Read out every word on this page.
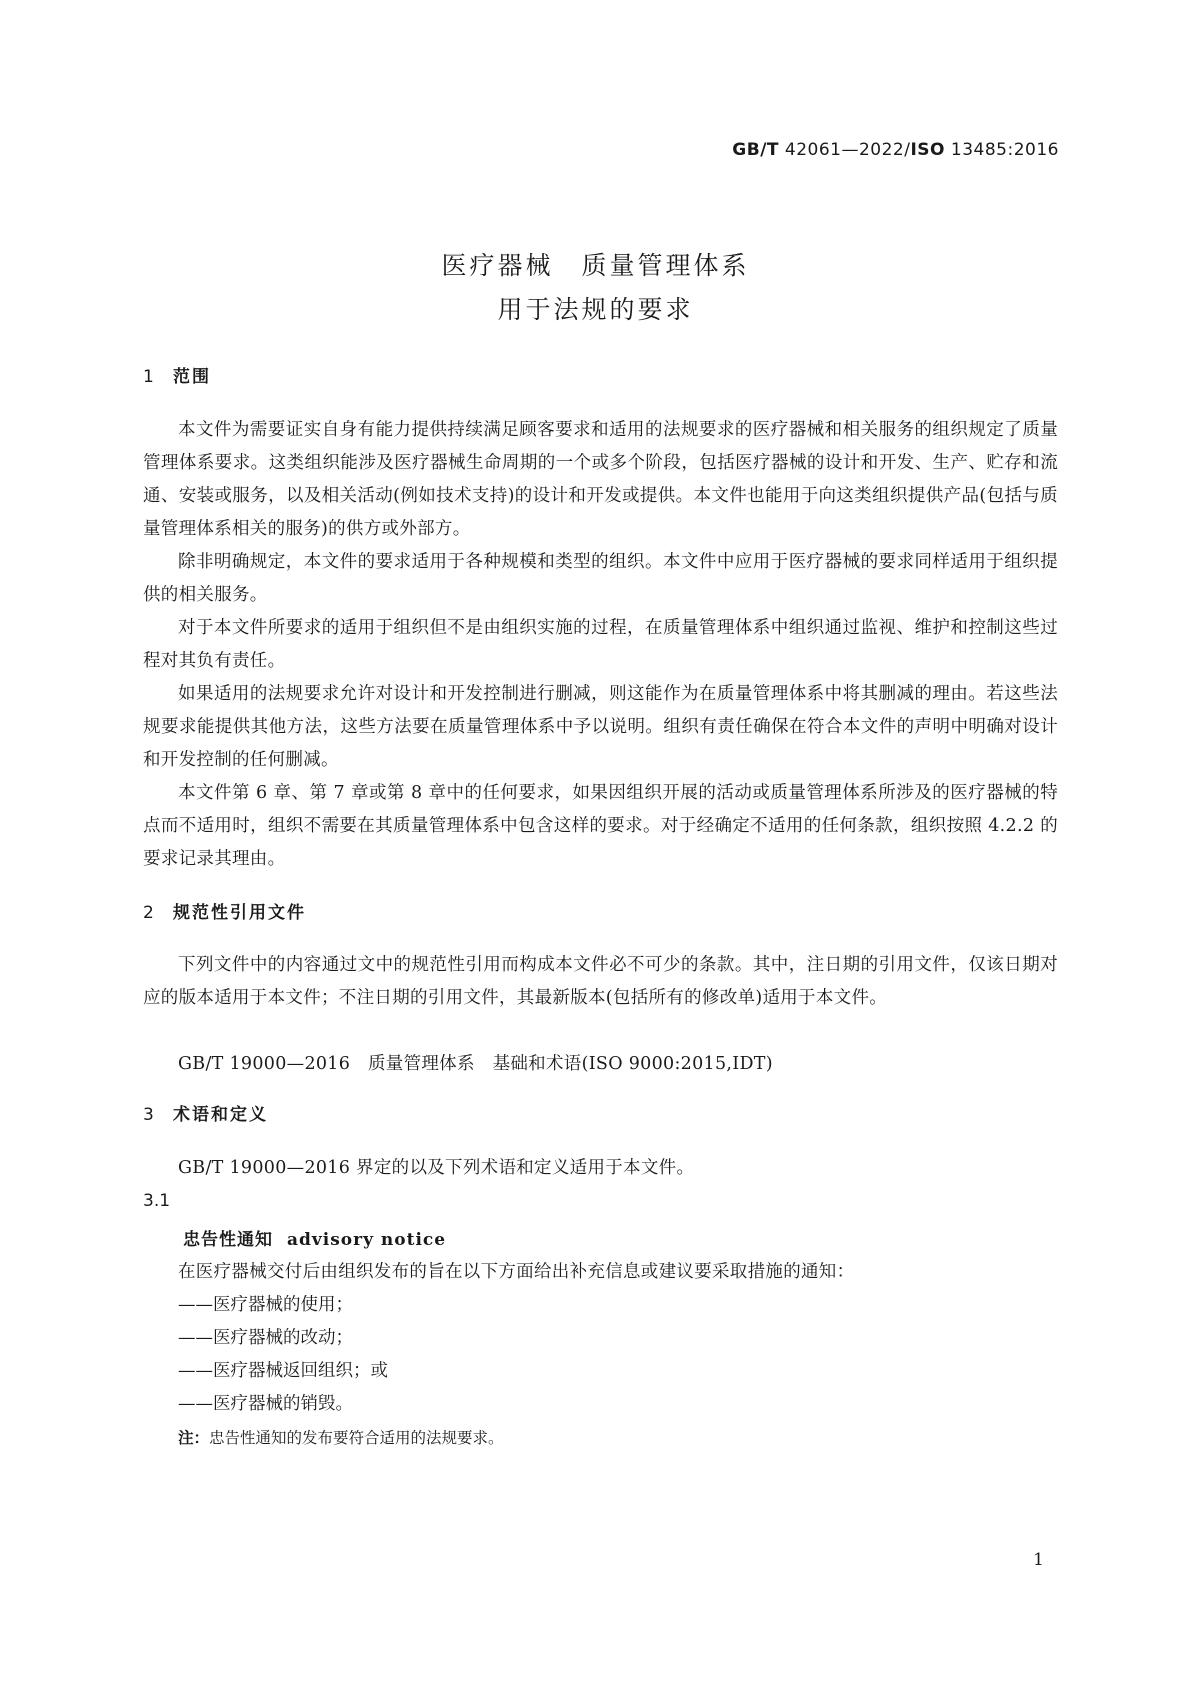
GB/T 42061—2022/ISO 13485:2016
医疗器械　质量管理体系
用于法规的要求
1 范围
本文件为需要证实自身有能力提供持续满足顾客要求和适用的法规要求的医疗器械和相关服务的组织规定了质量管理体系要求。这类组织能涉及医疗器械生命周期的一个或多个阶段，包括医疗器械的设计和开发、生产、贮存和流通、安装或服务，以及相关活动(例如技术支持)的设计和开发或提供。本文件也能用于向这类组织提供产品(包括与质量管理体系相关的服务)的供方或外部方。
除非明确规定，本文件的要求适用于各种规模和类型的组织。本文件中应用于医疗器械的要求同样适用于组织提供的相关服务。
对于本文件所要求的适用于组织但不是由组织实施的过程，在质量管理体系中组织通过监视、维护和控制这些过程对其负有责任。
如果适用的法规要求允许对设计和开发控制进行删减，则这能作为在质量管理体系中将其删减的理由。若这些法规要求能提供其他方法，这些方法要在质量管理体系中予以说明。组织有责任确保在符合本文件的声明中明确对设计和开发控制的任何删减。
本文件第 6 章、第 7 章或第 8 章中的任何要求，如果因组织开展的活动或质量管理体系所涉及的医疗器械的特点而不适用时，组织不需要在其质量管理体系中包含这样的要求。对于经确定不适用的任何条款，组织按照 4.2.2 的要求记录其理由。
2 规范性引用文件
下列文件中的内容通过文中的规范性引用而构成本文件必不可少的条款。其中，注日期的引用文件，仅该日期对应的版本适用于本文件；不注日期的引用文件，其最新版本(包括所有的修改单)适用于本文件。
GB/T 19000—2016　质量管理体系　基础和术语(ISO 9000:2015,IDT)
3 术语和定义
GB/T 19000—2016 界定的以及下列术语和定义适用于本文件。
3.1
忠告性通知 advisory notice
在医疗器械交付后由组织发布的旨在以下方面给出补充信息或建议要采取措施的通知：
——医疗器械的使用；
——医疗器械的改动；
——医疗器械返回组织；或
——医疗器械的销毁。
注：忠告性通知的发布要符合适用的法规要求。
1
